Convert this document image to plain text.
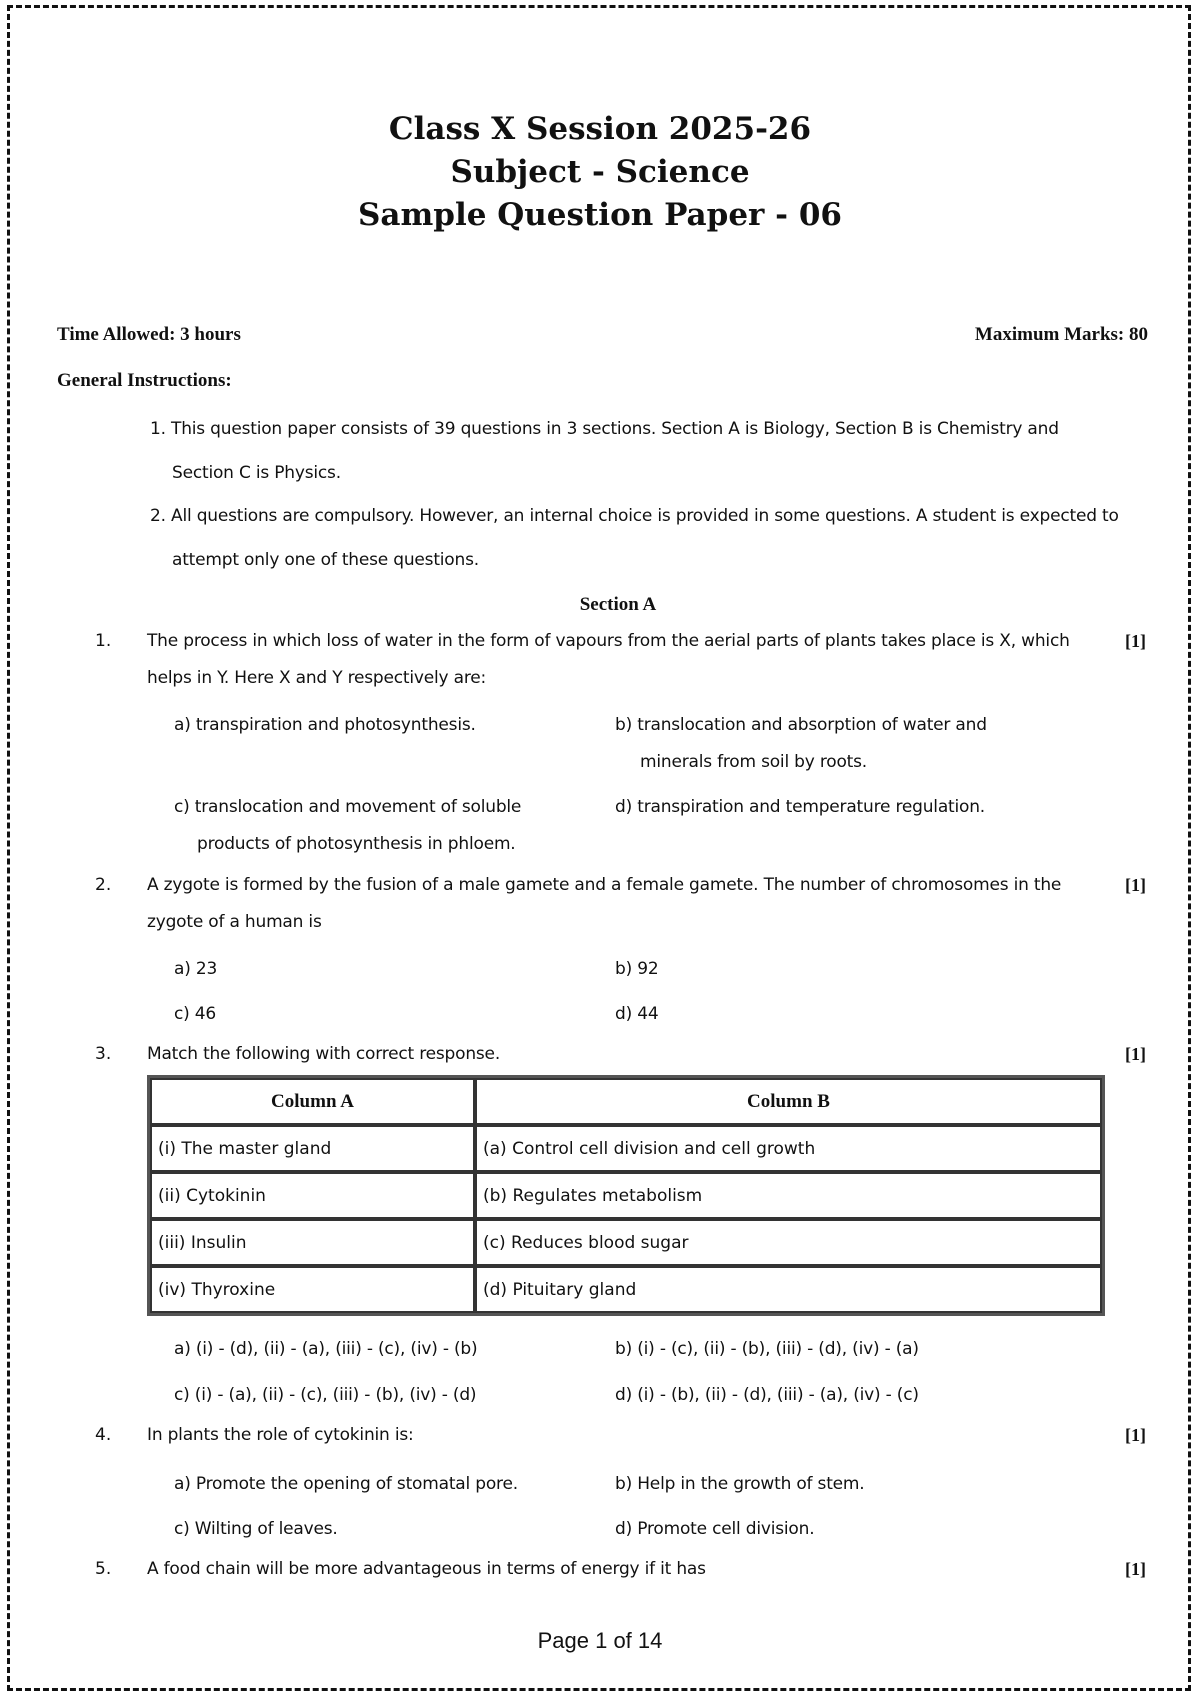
Class X Session 2025-26
Subject - Science
Sample Question Paper - 06
Time Allowed: 3 hours	Maximum Marks: 80
General Instructions:
1. This question paper consists of 39 questions in 3 sections. Section A is Biology, Section B is Chemistry and
Section C is Physics.
2. All questions are compulsory. However, an internal choice is provided in some questions. A student is expected to
attempt only one of these questions.
Section A
1. The process in which loss of water in the form of vapours from the aerial parts of plants takes place is X, which
helps in Y. Here X and Y respectively are:
[1]
a) transpiration and photosynthesis.	b) translocation and absorption of water and
minerals from soil by roots.
c) translocation and movement of soluble
products of photosynthesis in phloem.
d) transpiration and temperature regulation.
2. A zygote is formed by the fusion of a male gamete and a female gamete. The number of chromosomes in the
zygote of a human is
[1]
a) 23	b) 92
c) 46	d) 44
3. Match the following with correct response.	[1]
Column A	Column B
(i) The master gland	(a) Control cell division and cell growth
(ii) Cytokinin	(b) Regulates metabolism
(iii) Insulin	(c) Reduces blood sugar
(iv) Thyroxine	(d) Pituitary gland
a) (i) - (d), (ii) - (a), (iii) - (c), (iv) - (b)	b) (i) - (c), (ii) - (b), (iii) - (d), (iv) - (a)
c) (i) - (a), (ii) - (c), (iii) - (b), (iv) - (d)	d) (i) - (b), (ii) - (d), (iii) - (a), (iv) - (c)
4. In plants the role of cytokinin is:	[1]
a) Promote the opening of stomatal pore.	b) Help in the growth of stem.
c) Wilting of leaves.	d) Promote cell division.
5. A food chain will be more advantageous in terms of energy if it has	[1]
Page 1 of 14
